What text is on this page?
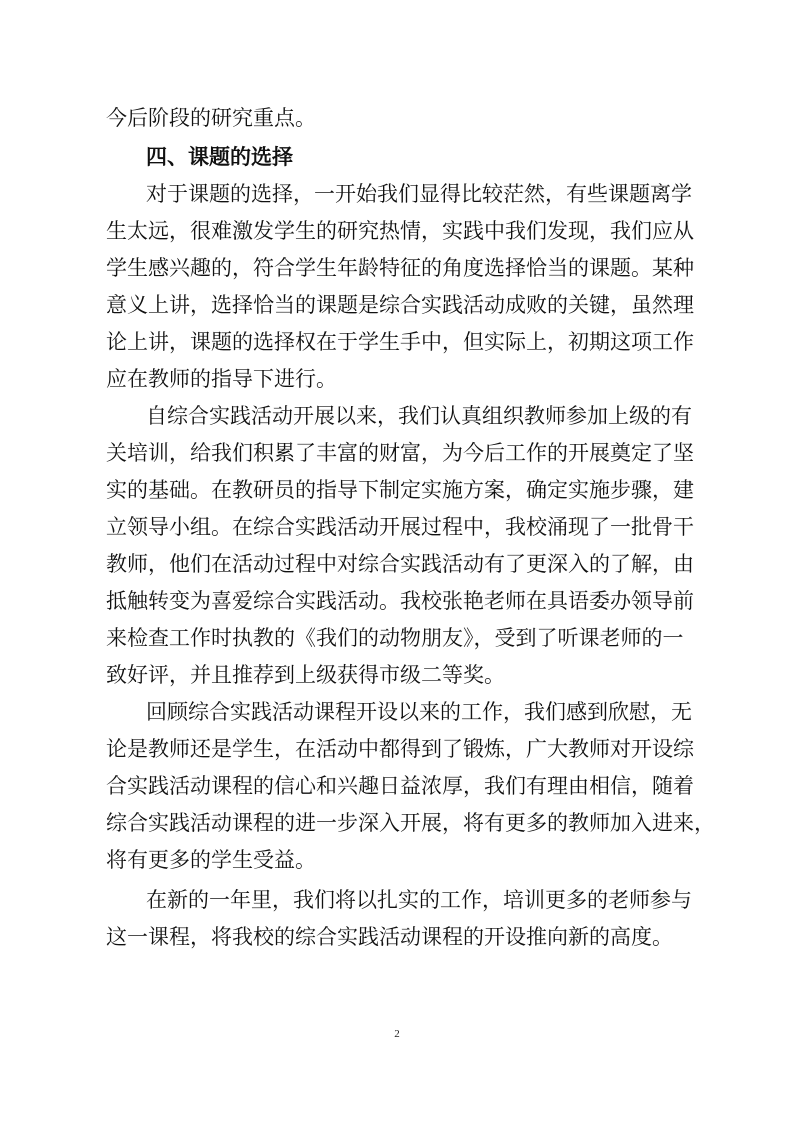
今后阶段的研究重点。
四、课题的选择
对于课题的选择，一开始我们显得比较茫然，有些课题离学
生太远，很难激发学生的研究热情，实践中我们发现，我们应从
学生感兴趣的，符合学生年龄特征的角度选择恰当的课题。某种
意义上讲，选择恰当的课题是综合实践活动成败的关键，虽然理
论上讲，课题的选择权在于学生手中，但实际上，初期这项工作
应在教师的指导下进行。
自综合实践活动开展以来，我们认真组织教师参加上级的有
关培训，给我们积累了丰富的财富，为今后工作的开展奠定了坚
实的基础。在教研员的指导下制定实施方案，确定实施步骤，建
立领导小组。在综合实践活动开展过程中，我校涌现了一批骨干
教师，他们在活动过程中对综合实践活动有了更深入的了解，由
抵触转变为喜爱综合实践活动。我校张艳老师在具语委办领导前
来检查工作时执教的《我们的动物朋友》，受到了听课老师的一
致好评，并且推荐到上级获得市级二等奖。
回顾综合实践活动课程开设以来的工作，我们感到欣慰，无
论是教师还是学生，在活动中都得到了锻炼，广大教师对开设综
合实践活动课程的信心和兴趣日益浓厚，我们有理由相信，随着
综合实践活动课程的进一步深入开展，将有更多的教师加入进来，
将有更多的学生受益。
在新的一年里，我们将以扎实的工作，培训更多的老师参与
这一课程，将我校的综合实践活动课程的开设推向新的高度。
2
